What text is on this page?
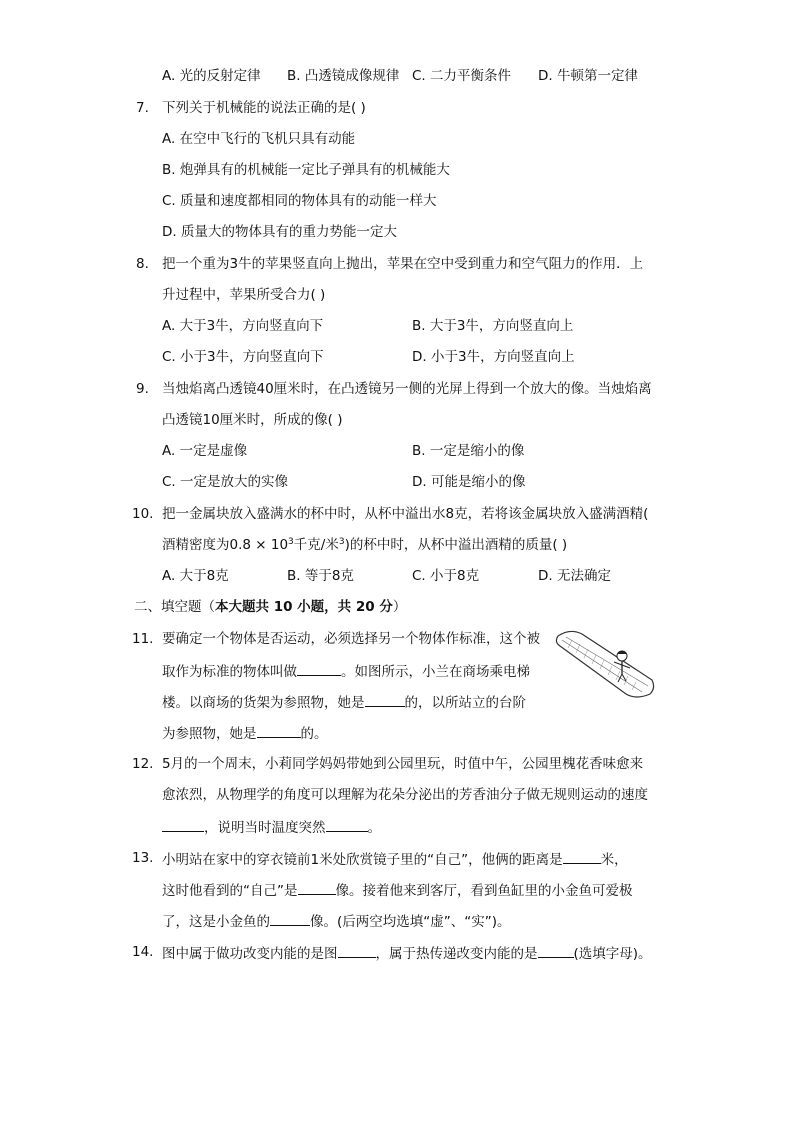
A. 光的反射定律 B. 凸透镜成像规律 C. 二力平衡条件 D. 牛顿第一定律
7. 下列关于机械能的说法正确的是( )
A. 在空中飞行的飞机只具有动能
B. 炮弹具有的机械能一定比子弹具有的机械能大
C. 质量和速度都相同的物体具有的动能一样大
D. 质量大的物体具有的重力势能一定大
8. 把一个重为3牛的苹果竖直向上抛出，苹果在空中受到重力和空气阻力的作用．上
升过程中，苹果所受合力( )
A. 大于3牛，方向竖直向下	B. 大于3牛，方向竖直向上
C. 小于3牛，方向竖直向下	D. 小于3牛，方向竖直向上
9. 当烛焰离凸透镜40厘米时，在凸透镜另一侧的光屏上得到一个放大的像。当烛焰离
凸透镜10厘米时，所成的像( )
A. 一定是虚像	B. 一定是缩小的像
C. 一定是放大的实像	D. 可能是缩小的像
10. 把一金属块放入盛满水的杯中时，从杯中溢出水8克，若将该金属块放入盛满酒精(
酒精密度为$0.8 \times 10^3$千克/米$^3$)的杯中时，从杯中溢出酒精的质量( )
A. 大于8克	B. 等于8克	C. 小于8克	D. 无法确定
二、填空题（本大题共 10 小题，共 20 分）
11. 要确定一个物体是否运动，必须选择另一个物体作标准，这个被
取作为标准的物体叫做	。如图所示，小兰在商场乘电梯
楼。以商场的货架为参照物，她是	的，以所站立的台阶
为参照物，她是	的。
12. 5月的一个周末，小莉同学妈妈带她到公园里玩，时值中午，公园里槐花香味愈来
愈浓烈，从物理学的角度可以理解为花朵分泌出的芳香油分子做无规则运动的速度
，说明当时温度突然	。
13. 小明站在家中的穿衣镜前1米处欣赏镜子里的“自己”，他俩的距离是	米，
这时他看到的“自己”是	像。接着他来到客厅，看到鱼缸里的小金鱼可爱极
了，这是小金鱼的	像。(后两空均选填“虚”、“实”)。
14. 图中属于做功改变内能的是图	，属于热传递改变内能的是	(选填字母)。
